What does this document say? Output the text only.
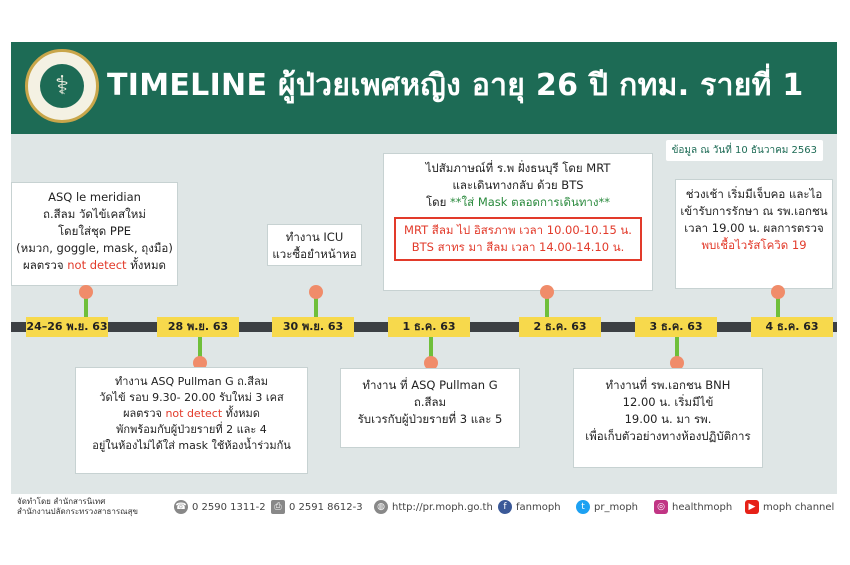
⚕	TIMELINE ผู้ป่วยเพศหญิง อายุ 26 ปี กทม. รายที่ 1
ข้อมูล ณ วันที่ 10 ธันวาคม 2563
ASQ le meridian
ถ.สีลม วัดไข้เคสใหม่
โดยใส่ชุด PPE
(หมวก, goggle, mask, ถุงมือ)
ผลตรวจ not detect ทั้งหมด
ทำงาน ICU
แวะซื้อยำหน้าหอ
ไปสัมภาษณ์ที่ ร.พ ฝั่งธนบุรี โดย MRT
และเดินทางกลับ ด้วย BTS
โดย **ใส่ Mask ตลอดการเดินทาง**
MRT สีลม ไป อิสรภาพ เวลา 10.00-10.15 น.
BTS สาทร มา สีลม เวลา 14.00-14.10 น.
ช่วงเช้า เริ่มมีเจ็บคอ และไอ
เข้ารับการรักษา ณ รพ.เอกชน
เวลา 19.00 น. ผลการตรวจ
พบเชื้อไวรัสโควิด 19
24–26 พ.ย. 63	28 พ.ย. 63	30 พ.ย. 63	1 ธ.ค. 63	2 ธ.ค. 63	3 ธ.ค. 63	4 ธ.ค. 63
ทำงาน ASQ Pullman G ถ.สีลม
วัดไข้ รอบ 9.30- 20.00 รับใหม่ 3 เคส
ผลตรวจ not detect ทั้งหมด
พักพร้อมกับผู้ป่วยรายที่ 2 และ 4
อยู่ในห้องไม่ได้ใส่ mask ใช้ห้องน้ำร่วมกัน
ทำงาน ที่ ASQ Pullman G
ถ.สีลม
รับเวรกับผู้ป่วยรายที่ 3 และ 5
ทำงานที่ รพ.เอกชน BNH
12.00 น. เริ่มมีไข้
19.00 น. มา รพ.
เพื่อเก็บตัวอย่างทางห้องปฏิบัติการ
จัดทำโดย สำนักสารนิเทศ
สำนักงานปลัดกระทรวงสาธารณสุข	☎ 0 2590 1311-2 ⎙ 0 2591 8612-3	◍ http://pr.moph.go.th	f fanmoph	t pr_moph	◎ healthmoph	▶ moph channel
